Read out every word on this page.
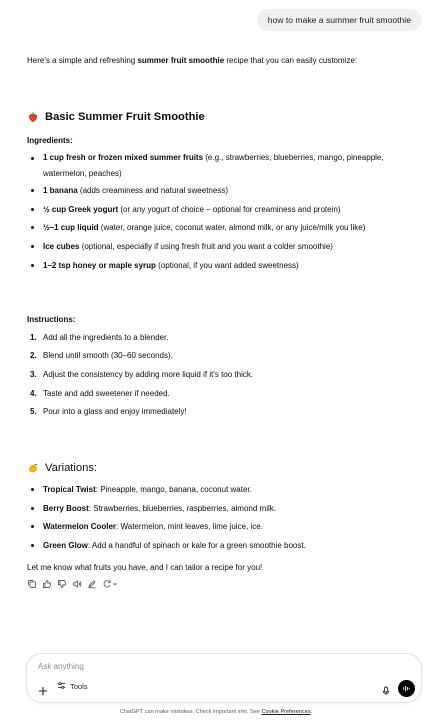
how to make a summer fruit smoothie
Here's a simple and refreshing summer fruit smoothie recipe that you can easily customize:
Basic Summer Fruit Smoothie
Ingredients:
1 cup fresh or frozen mixed summer fruits (e.g., strawberries, blueberries, mango, pineapple, watermelon, peaches)
1 banana (adds creaminess and natural sweetness)
½ cup Greek yogurt (or any yogurt of choice – optional for creaminess and protein)
½–1 cup liquid (water, orange juice, coconut water, almond milk, or any juice/milk you like)
Ice cubes (optional, especially if using fresh fruit and you want a colder smoothie)
1–2 tsp honey or maple syrup (optional, if you want added sweetness)
Instructions:
1. Add all the ingredients to a blender.
2. Blend until smooth (30–60 seconds).
3. Adjust the consistency by adding more liquid if it's too thick.
4. Taste and add sweetener if needed.
5. Pour into a glass and enjoy immediately!
Variations:
Tropical Twist: Pineapple, mango, banana, coconut water.
Berry Boost: Strawberries, blueberries, raspberries, almond milk.
Watermelon Cooler: Watermelon, mint leaves, lime juice, ice.
Green Glow: Add a handful of spinach or kale for a green smoothie boost.
Let me know what fruits you have, and I can tailor a recipe for you!
Ask anything
Tools
ChatGPT can make mistakes. Check important info. See Cookie Preferences.
